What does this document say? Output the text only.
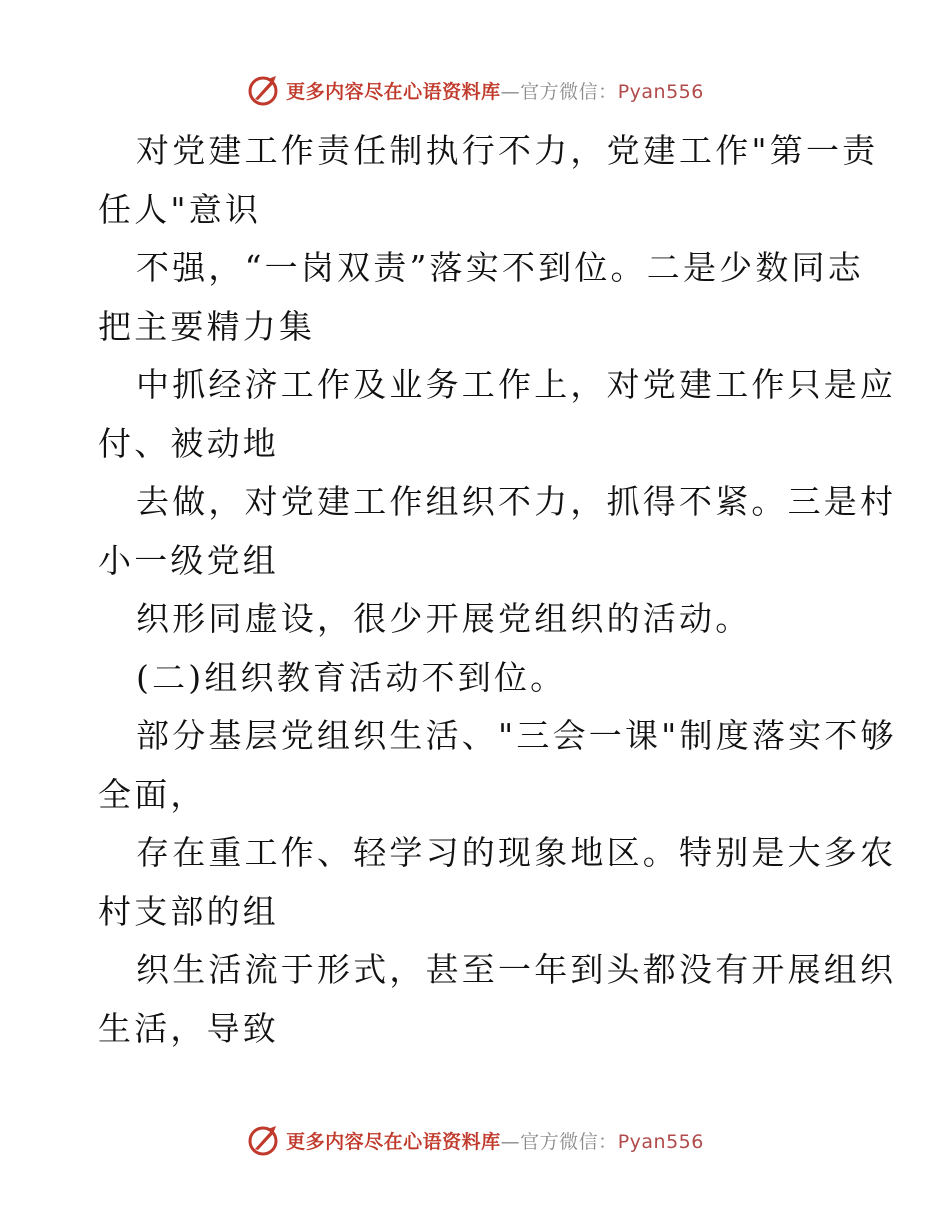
更多内容尽在心语资料库—官方微信：Pyan556

对党建工作责任制执行不力，党建工作"第一责

任人"意识

不强，“一岗双责”落实不到位。二是少数同志

把主要精力集

中抓经济工作及业务工作上，对党建工作只是应

付、被动地

去做，对党建工作组织不力，抓得不紧。三是村

小一级党组

织形同虚设，很少开展党组织的活动。

(二)组织教育活动不到位。

部分基层党组织生活、"三会一课"制度落实不够

全面，

存在重工作、轻学习的现象地区。特别是大多农

村支部的组

织生活流于形式，甚至一年到头都没有开展组织

生活，导致

更多内容尽在心语资料库—官方微信：Pyan556
